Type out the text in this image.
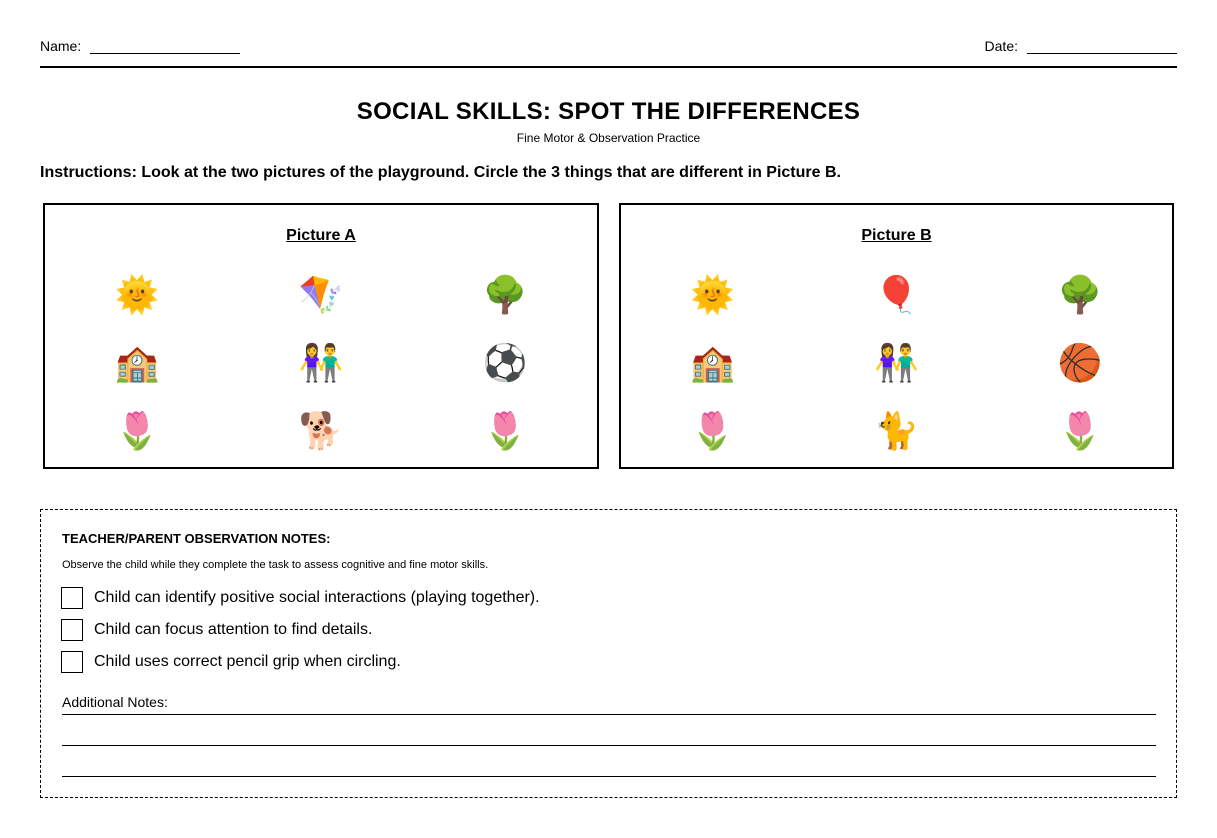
Name:	Date:
SOCIAL SKILLS: SPOT THE DIFFERENCES
Fine Motor & Observation Practice
Instructions: Look at the two pictures of the playground. Circle the 3 things that are different in Picture B.
Picture A
🌞	🪁	🌳
🏫	👫	⚽
🌷	🐕	🌷
Picture B
🌞	🎈	🌳
🏫	👫	🏀
🌷	🐈	🌷
TEACHER/PARENT OBSERVATION NOTES:
Observe the child while they complete the task to assess cognitive and fine motor skills.
Child can identify positive social interactions (playing together).
Child can focus attention to find details.
Child uses correct pencil grip when circling.
Additional Notes:
